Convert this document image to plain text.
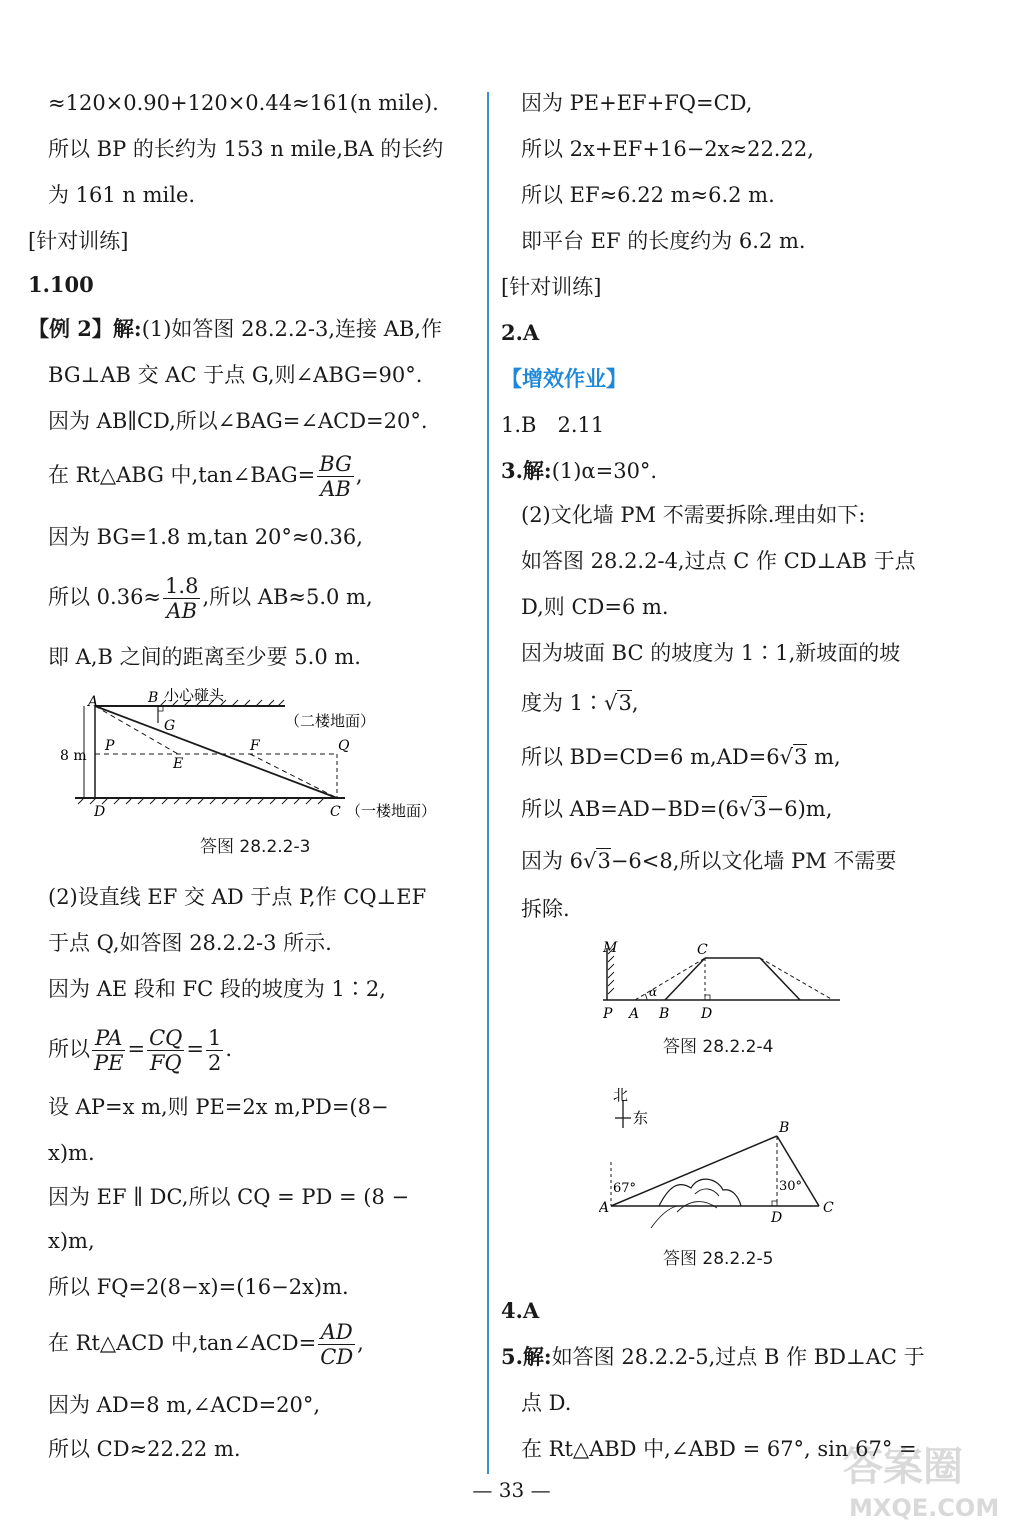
≈120×0.90+120×0.44≈161(n mile).
所以 BP 的长约为 153 n mile,BA 的长约
为 161 n mile.
[针对训练]
1.100
【例 2】解:(1)如答图 28.2.2-3,连接 AB,作
BG⊥AB 交 AC 于点 G,则∠ABG=90°.
因为 AB∥CD,所以∠BAG=∠ACD=20°.
在 Rt△ABG 中,tan∠BAG= $\frac{BG}{AB}$ ,
因为 BG=1.8 m,tan 20°≈0.36,
所以 $0.36\approx \frac{1.8}{AB}$ ,所以 AB≈5.0 m,
即 A,B 之间的距离至少要 5.0 m.
A	B 小心碰头
G	（二楼地面）
P
E
F	Q
8 m
D	C （一楼地面）
答图 28.2.2-3
(2)设直线 EF 交 AD 于点 P,作 CQ⊥EF
于点 Q,如答图 28.2.2-3 所示.
因为 AE 段和 FC 段的坡度为 1∶2,
所以 $\frac{PA}{PE} = \frac{CQ}{FQ} = \frac{1}{2}$ .
设 AP=x m,则 PE=2x m,PD=(8−
x)m.
因为 EF ∥ DC,所以 CQ = PD = (8 −
x)m,
所以 FQ=2(8−x)=(16−2x)m.
在 Rt△ACD 中,tan∠ACD= $\frac{AD}{CD}$ ,
因为 AD=8 m,∠ACD=20°,
所以 CD≈22.22 m.
因为 PE+EF+FQ=CD,
所以 2x+EF+16−2x≈22.22,
所以 EF≈6.22 m≈6.2 m.
即平台 EF 的长度约为 6.2 m.
[针对训练]
2.A
【增效作业】
1.B　2.11
3.解:(1)α=30°.
(2)文化墙 PM 不需要拆除.理由如下:
如答图 28.2.2-4,过点 C 作 CD⊥AB 于点
D,则 CD=6 m.
因为坡面 BC 的坡度为 1∶1,新坡面的坡
度为 1∶√3,
所以 BD=CD=6 m,AD=6√3 m,
所以 AB=AD−BD=(6√3−6)m,
因为 6√3−6<8,所以文化墙 PM 不需要
拆除.
M	C
α
P A B D
答图 28.2.2-4
北
东
67°	30°
A
B
C
D
答图 28.2.2-5
4.A
5.解:如答图 28.2.2-5,过点 B 作 BD⊥AC 于
点 D.
在 Rt△ABD 中,∠ABD = 67°, sin 67° =
— 33 —	答案圈
MXQE.COM
